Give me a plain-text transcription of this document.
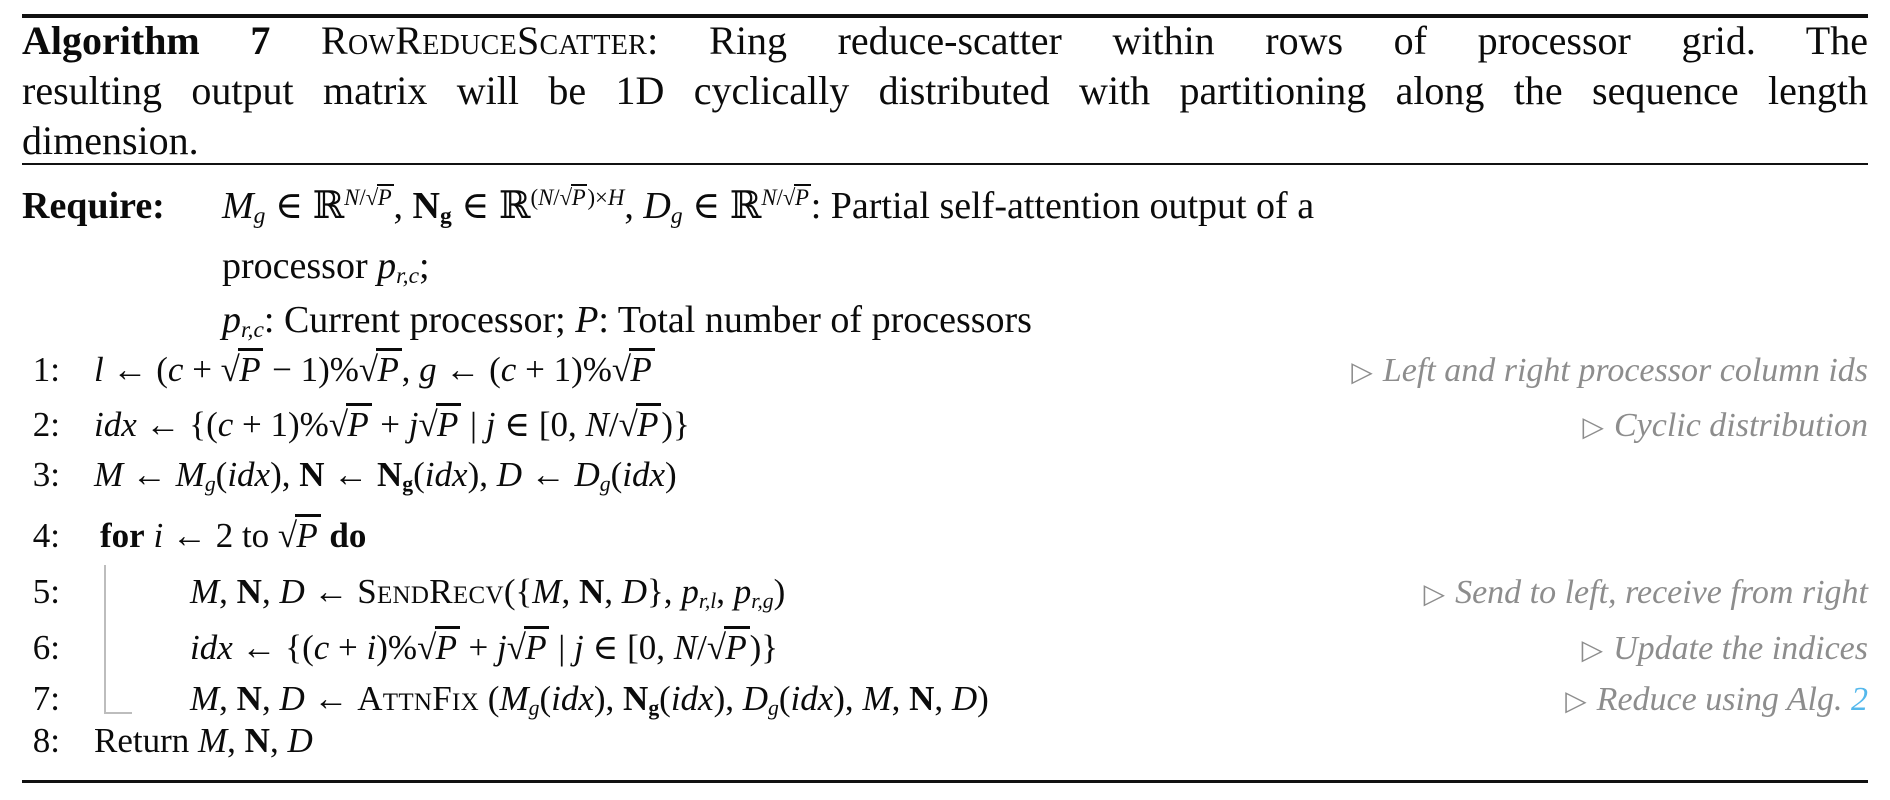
Algorithm 7 RowReduceScatter: Ring reduce-scatter within rows of processor grid. The
resulting output matrix will be 1D cyclically distributed with partitioning along the sequence length
dimension.
Require:	$M_g$ ∈ ℝ$^{N/√P}$, $N_g$ ∈ ℝ$^{(N/√P)\times H}$, $D_g$ ∈ ℝ$^{N/√P}$: Partial self-attention output of a
processor $p_{r,c}$;
$p_{r,c}$: Current processor; P: Total number of processors
1: l ← (c + √P − 1)%√P, g ← (c + 1)%√P	▷ Left and right processor column ids
2: idx ← {(c + 1)%√P + j√P | j ∈ [0, N/√P)}	▷ Cyclic distribution
3: M ← $M_g(idx)$, N ← $N_g(idx)$, D ← $D_g(idx)$
4:	for i ← 2 to √P do
5:	M, N, D ← SendRecv({M, N, D}, $p_{r,l}$, $p_{r,g}$)	▷ Send to left, receive from right
6:	idx ← {(c + i)%√P + j√P | j ∈ [0, N/√P)}	▷ Update the indices
7:	M, N, D ← AttnFix ($M_g(idx)$, $N_g(idx)$, $D_g(idx)$, M, N, D)	▷ Reduce using Alg. 2
8: Return M, N, D
